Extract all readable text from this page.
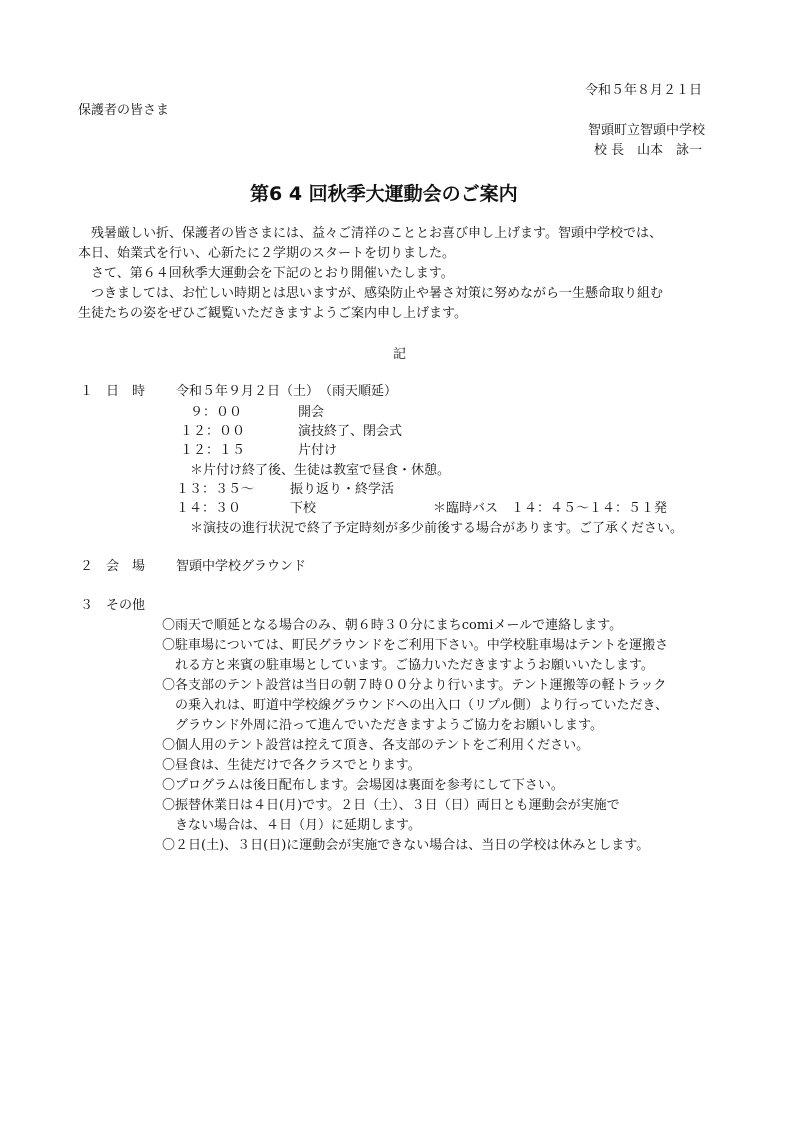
令和５年８月２１日
保護者の皆さま
智頭町立智頭中学校
校 長　山本　詠一
第6 4 回秋季大運動会のご案内
　残暑厳しい折、保護者の皆さまには、益々ご清祥のこととお喜び申し上げます。智頭中学校では、
本日、始業式を行い、心新たに２学期のスタートを切りました。
　さて、第６４回秋季大運動会を下記のとおり開催いたします。
　つきましては、お忙しい時期とは思いますが、感染防止や暑さ対策に努めながら一生懸命取り組む
生徒たちの姿をぜひご観覧いただきますようご案内申し上げます。
記
１　日　時 令和５年９月２日（土）　（雨天順延）
９：００	開会
１２：００	演技終了、閉会式
１２：１５	片付け
＊片付け終了後、生徒は教室で昼食・休憩。
１３：３５～	振り返り・終学活
１４：３０	下校	＊臨時バス　１４：４５～１４：５１発
＊演技の進行状況で終了予定時刻が多少前後する場合があります。ご了承ください。
２　会　場 智頭中学校グラウンド
３　その他
〇雨天で順延となる場合のみ、朝６時３０分にまちcomiメールで連絡します。
〇駐車場については、町民グラウンドをご利用下さい。中学校駐車場はテントを運搬さ
　れる方と来賓の駐車場としています。ご協力いただきますようお願いいたします。
〇各支部のテント設営は当日の朝７時００分より行います。テント運搬等の軽トラック
　の乗入れは、町道中学校線グラウンドへの出入口（リプル側）より行っていただき、
　グラウンド外周に沿って進んでいただきますようご協力をお願いします。
〇個人用のテント設営は控えて頂き、各支部のテントをご利用ください。
〇昼食は、生徒だけで各クラスでとります。
〇プログラムは後日配布します。会場図は裏面を参考にして下さい。
〇振替休業日は４日(月)です。２日（土）、３日（日）両日とも運動会が実施で
　きない場合は、４日（月）に延期します。
〇２日(土)、３日(日)に運動会が実施できない場合は、当日の学校は休みとします。
